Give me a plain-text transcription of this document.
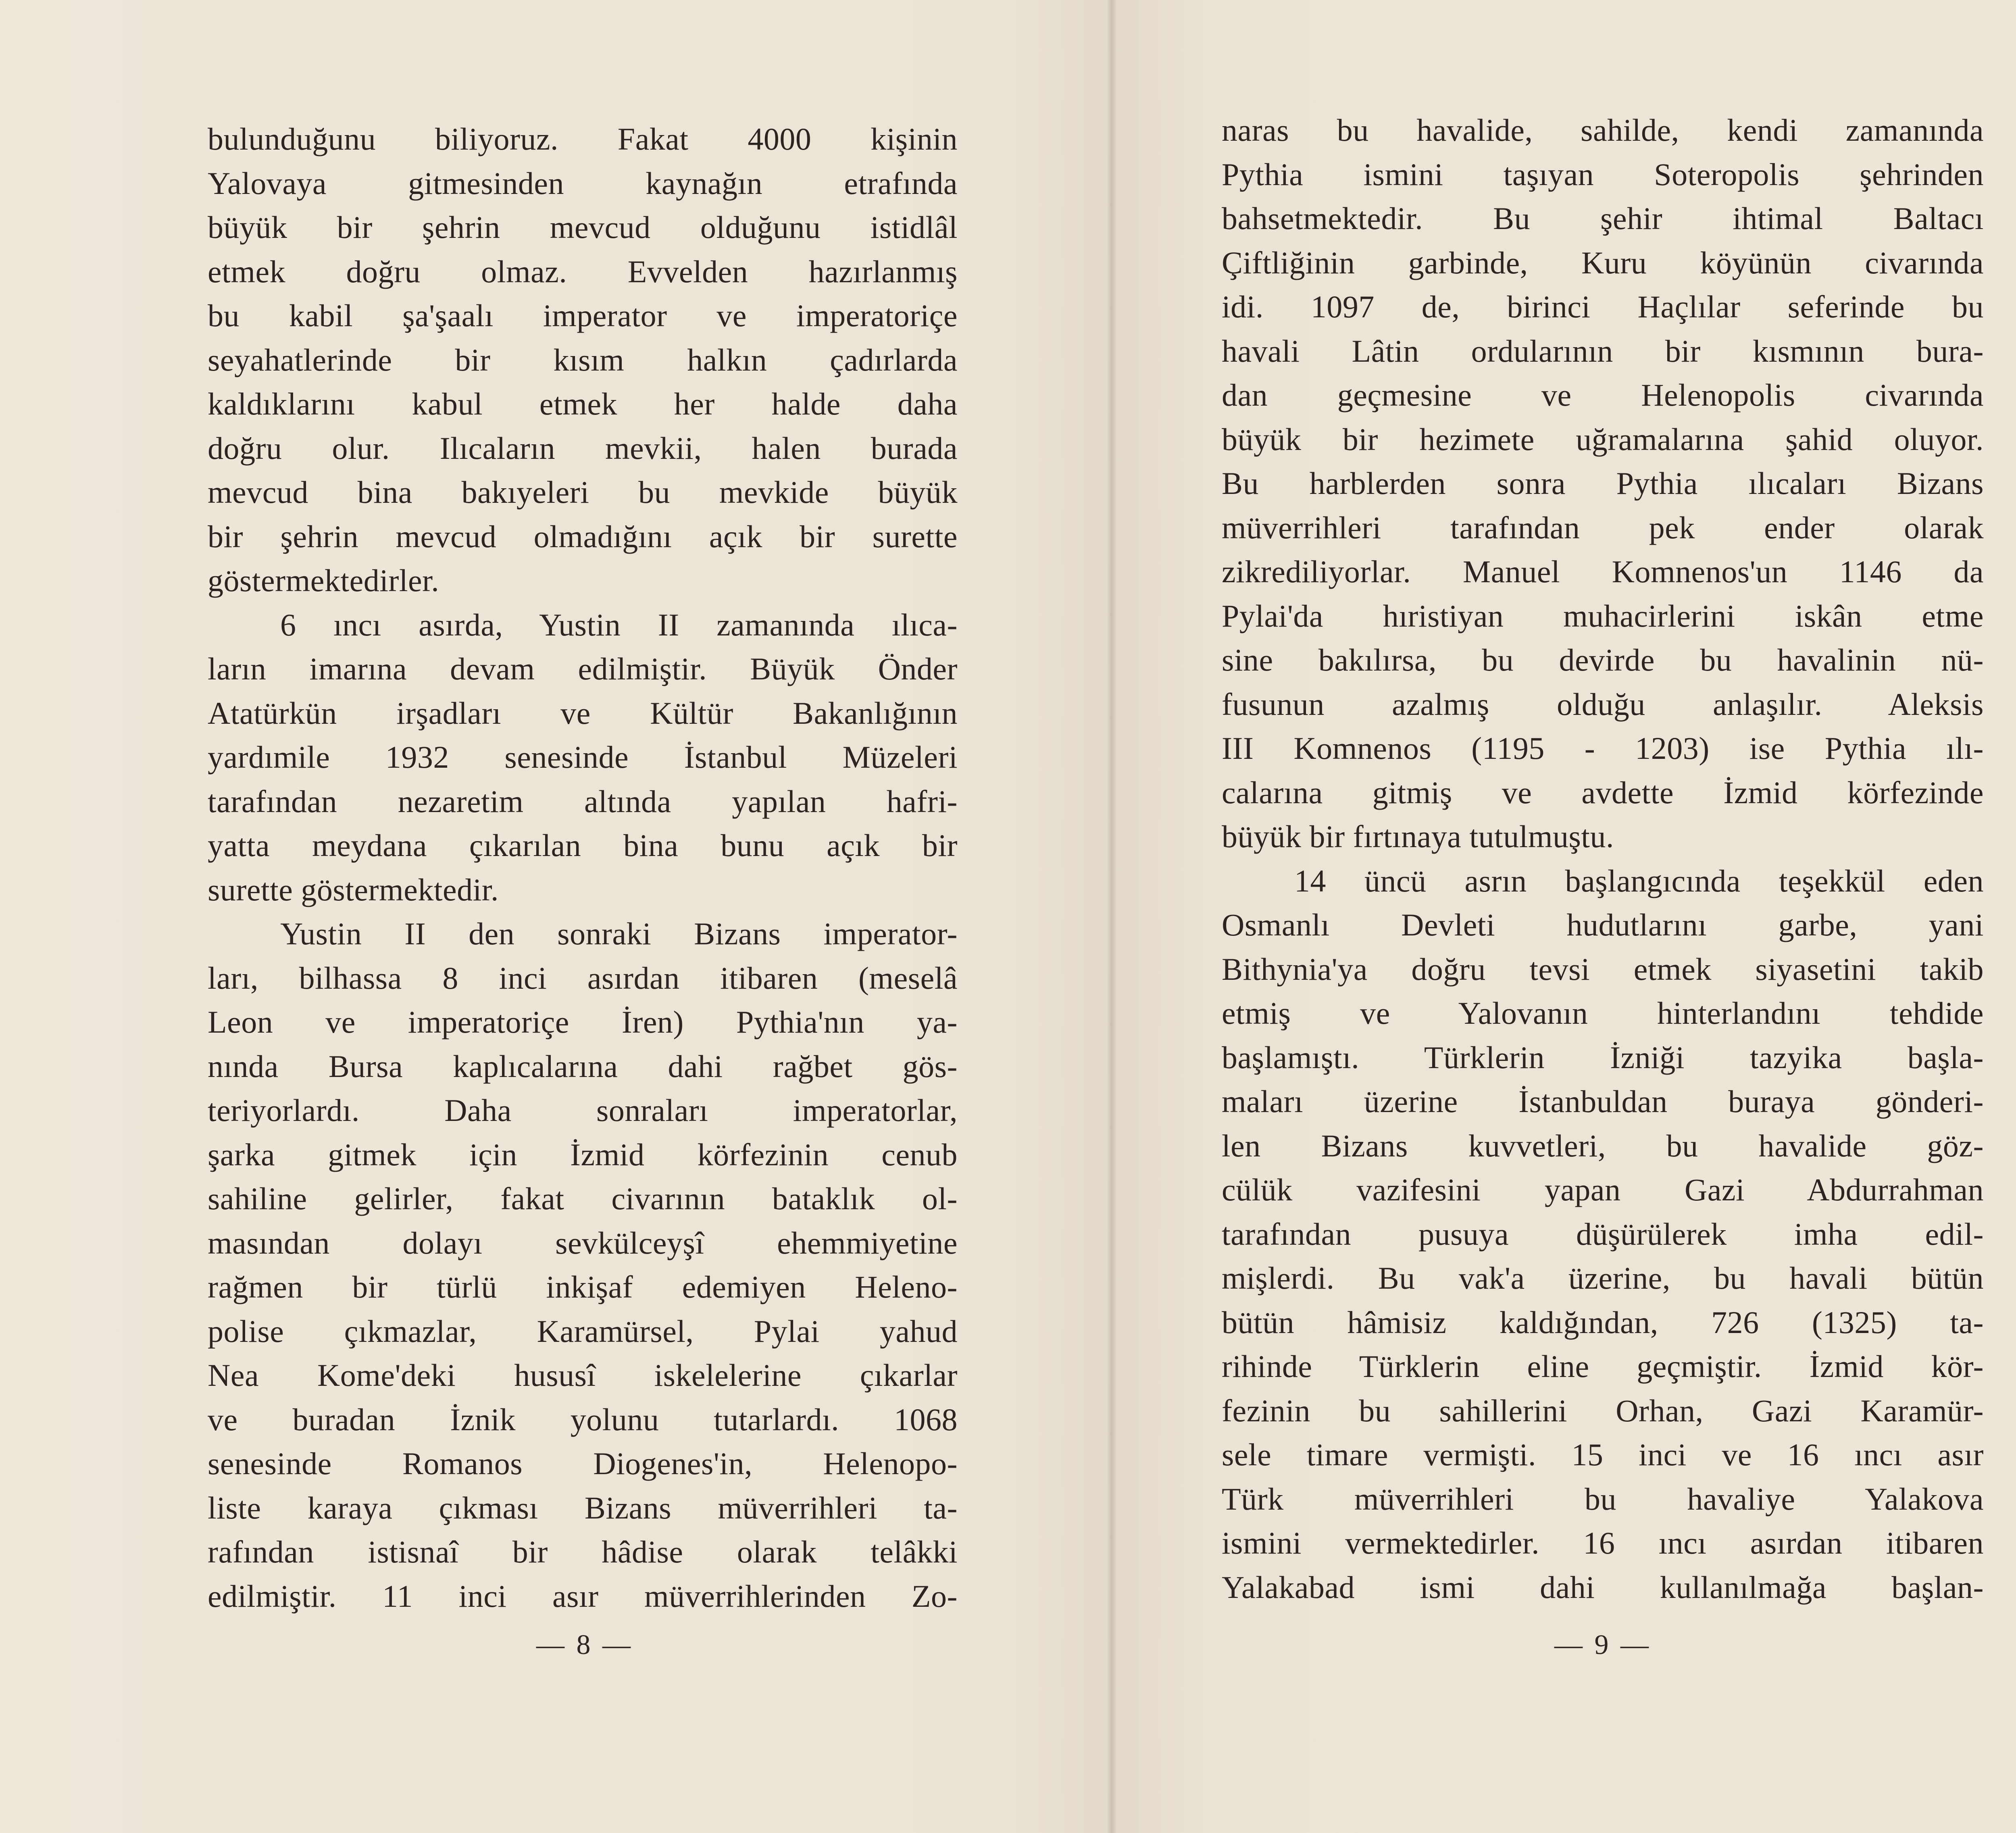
bulunduğunu biliyoruz. Fakat 4000 kişinin
Yalovaya gitmesinden kaynağın etrafında
büyük bir şehrin mevcud olduğunu istidlâl
etmek doğru olmaz. Evvelden hazırlanmış
bu kabil şa'şaalı imperator ve imperatoriçe
seyahatlerinde bir kısım halkın çadırlarda
kaldıklarını kabul etmek her halde daha
doğru olur. Ilıcaların mevkii, halen burada
mevcud bina bakıyeleri bu mevkide büyük
bir şehrin mevcud olmadığını açık bir surette
göstermektedirler.
6 ıncı asırda, Yustin II zamanında ılıca-
ların imarına devam edilmiştir. Büyük Önder
Atatürkün irşadları ve Kültür Bakanlığının
yardımile 1932 senesinde İstanbul Müzeleri
tarafından nezaretim altında yapılan hafri-
yatta meydana çıkarılan bina bunu açık bir
surette göstermektedir.
Yustin II den sonraki Bizans imperator-
ları, bilhassa 8 inci asırdan itibaren (meselâ
Leon ve imperatoriçe İren) Pythia'nın ya-
nında Bursa kaplıcalarına dahi rağbet gös-
teriyorlardı. Daha sonraları imperatorlar,
şarka gitmek için İzmid körfezinin cenub
sahiline gelirler, fakat civarının bataklık ol-
masından dolayı sevkülceyşî ehemmiyetine
rağmen bir türlü inkişaf edemiyen Heleno-
polise çıkmazlar, Karamürsel, Pylai yahud
Nea Kome'deki hususî iskelelerine çıkarlar
ve buradan İznik yolunu tutarlardı. 1068
senesinde Romanos Diogenes'in, Helenopo-
liste karaya çıkması Bizans müverrihleri ta-
rafından istisnaî bir hâdise olarak telâkki
edilmiştir. 11 inci asır müverrihlerinden Zo-
— 8 —
naras bu havalide, sahilde, kendi zamanında
Pythia ismini taşıyan Soteropolis şehrinden
bahsetmektedir. Bu şehir ihtimal Baltacı
Çiftliğinin garbinde, Kuru köyünün civarında
idi. 1097 de, birinci Haçlılar seferinde bu
havali Lâtin ordularının bir kısmının bura-
dan geçmesine ve Helenopolis civarında
büyük bir hezimete uğramalarına şahid oluyor.
Bu harblerden sonra Pythia ılıcaları Bizans
müverrihleri tarafından pek ender olarak
zikrediliyorlar. Manuel Komnenos'un 1146 da
Pylai'da hıristiyan muhacirlerini iskân etme
sine bakılırsa, bu devirde bu havalinin nü-
fusunun azalmış olduğu anlaşılır. Aleksis
III Komnenos (1195 - 1203) ise Pythia ılı-
calarına gitmiş ve avdette İzmid körfezinde
büyük bir fırtınaya tutulmuştu.
14 üncü asrın başlangıcında teşekkül eden
Osmanlı Devleti hudutlarını garbe, yani
Bithynia'ya doğru tevsi etmek siyasetini takib
etmiş ve Yalovanın hinterlandını tehdide
başlamıştı. Türklerin İzniği tazyika başla-
maları üzerine İstanbuldan buraya gönderi-
len Bizans kuvvetleri, bu havalide göz-
cülük vazifesini yapan Gazi Abdurrahman
tarafından pusuya düşürülerek imha edil-
mişlerdi. Bu vak'a üzerine, bu havali bütün
bütün hâmisiz kaldığından, 726 (1325) ta-
rihinde Türklerin eline geçmiştir. İzmid kör-
fezinin bu sahillerini Orhan, Gazi Karamür-
sele timare vermişti. 15 inci ve 16 ıncı asır
Türk müverrihleri bu havaliye Yalakova
ismini vermektedirler. 16 ıncı asırdan itibaren
Yalakabad ismi dahi kullanılmağa başlan-
— 9 —
